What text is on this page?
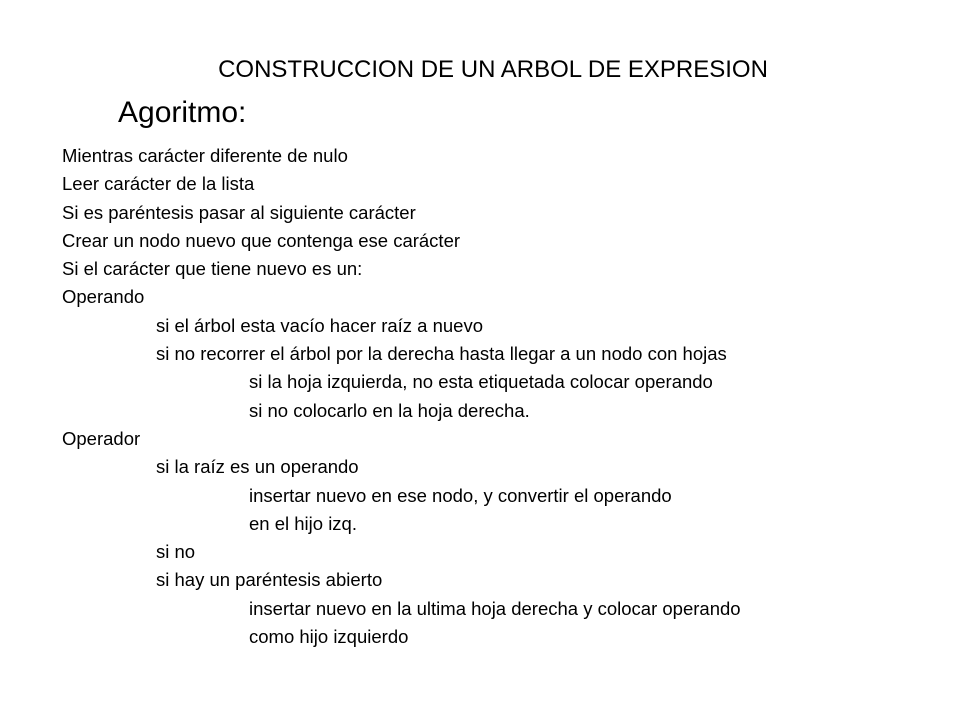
CONSTRUCCION DE UN ARBOL DE EXPRESION
Agoritmo:
Mientras carácter diferente de nulo
Leer carácter de la lista
Si es paréntesis pasar al siguiente carácter
Crear un nodo nuevo que contenga ese carácter
Si el carácter que tiene nuevo es un:
Operando
si el árbol esta vacío hacer raíz a nuevo
si no recorrer el árbol por la derecha hasta llegar a un nodo con hojas
si la hoja izquierda, no esta etiquetada colocar operando
si no colocarlo en la hoja derecha.
Operador
si la raíz es un operando
insertar nuevo en ese nodo, y convertir el operando
en el hijo izq.
si no
si hay un paréntesis abierto
insertar nuevo en la ultima hoja derecha y colocar operando
como hijo izquierdo
